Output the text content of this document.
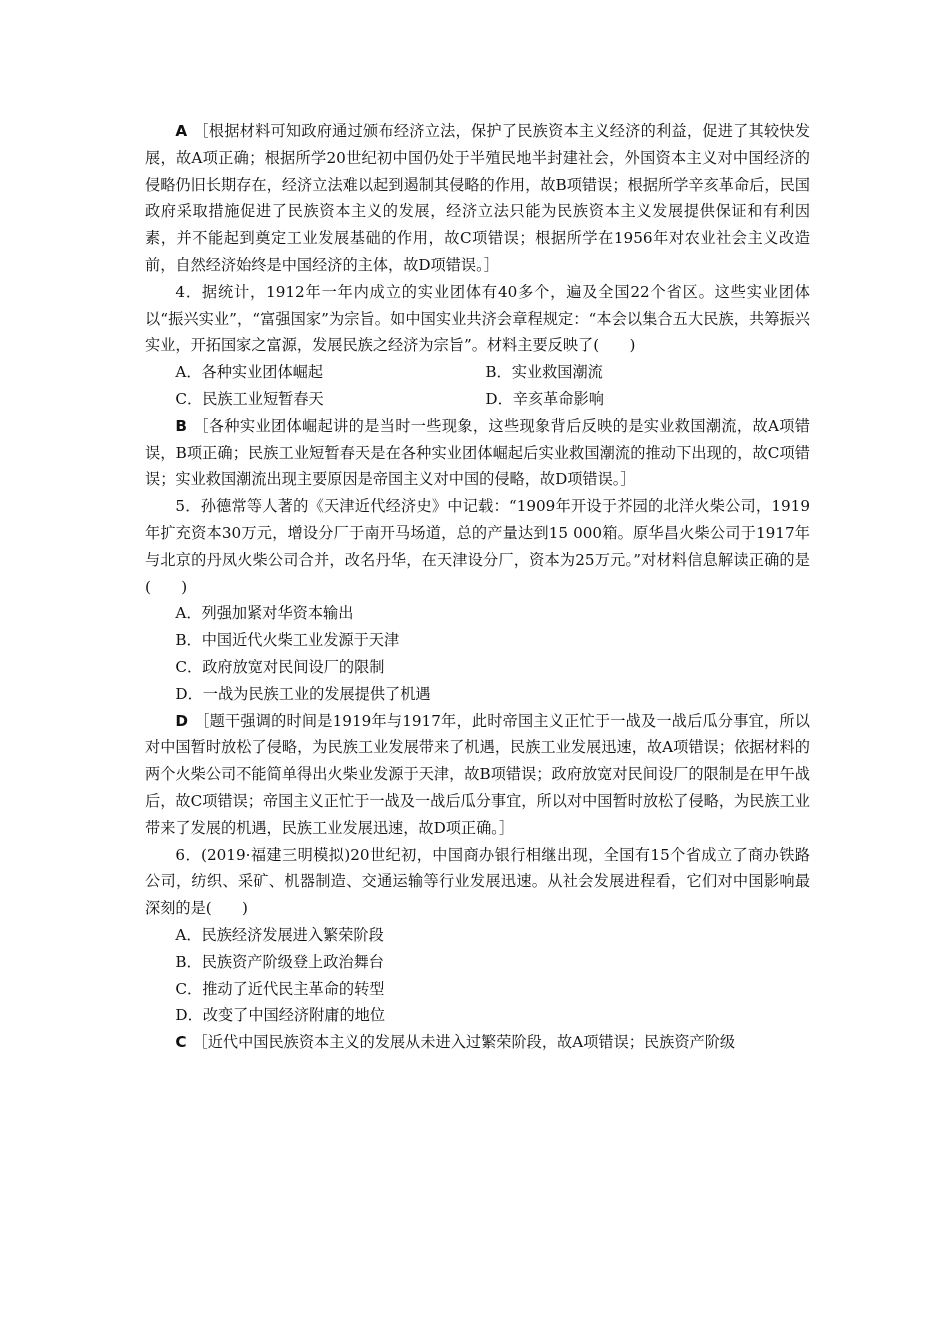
A ［根据材料可知政府通过颁布经济立法，保护了民族资本主义经济的利益，促进了其较快发展，故A项正确；根据所学20世纪初中国仍处于半殖民地半封建社会，外国资本主义对中国经济的侵略仍旧长期存在，经济立法难以起到遏制其侵略的作用，故B项错误；根据所学辛亥革命后，民国政府采取措施促进了民族资本主义的发展，经济立法只能为民族资本主义发展提供保证和有利因素，并不能起到奠定工业发展基础的作用，故C项错误；根据所学在1956年对农业社会主义改造前，自然经济始终是中国经济的主体，故D项错误。］

4．据统计，1912年一年内成立的实业团体有40多个，遍及全国22个省区。这些实业团体以“振兴实业”，“富强国家”为宗旨。如中国实业共济会章程规定：“本会以集合五大民族，共筹振兴实业，开拓国家之富源，发展民族之经济为宗旨”。材料主要反映了(　　)

A．各种实业团体崛起	B．实业救国潮流
C．民族工业短暂春天	D．辛亥革命影响

B ［各种实业团体崛起讲的是当时一些现象，这些现象背后反映的是实业救国潮流，故A项错误，B项正确；民族工业短暂春天是在各种实业团体崛起后实业救国潮流的推动下出现的，故C项错误；实业救国潮流出现主要原因是帝国主义对中国的侵略，故D项错误。］

5．孙德常等人著的《天津近代经济史》中记载：“1909年开设于芥园的北洋火柴公司，1919年扩充资本30万元，增设分厂于南开马场道，总的产量达到15 000箱。原华昌火柴公司于1917年与北京的丹凤火柴公司合并，改名丹华，在天津设分厂，资本为25万元。”对材料信息解读正确的是(　　)

A．列强加紧对华资本输出

B．中国近代火柴工业发源于天津

C．政府放宽对民间设厂的限制

D．一战为民族工业的发展提供了机遇

D ［题干强调的时间是1919年与1917年，此时帝国主义正忙于一战及一战后瓜分事宜，所以对中国暂时放松了侵略，为民族工业发展带来了机遇，民族工业发展迅速，故A项错误；依据材料的两个火柴公司不能简单得出火柴业发源于天津，故B项错误；政府放宽对民间设厂的限制是在甲午战后，故C项错误；帝国主义正忙于一战及一战后瓜分事宜，所以对中国暂时放松了侵略，为民族工业带来了发展的机遇，民族工业发展迅速，故D项正确。］

6．(2019·福建三明模拟)20世纪初，中国商办银行相继出现，全国有15个省成立了商办铁路公司，纺织、采矿、机器制造、交通运输等行业发展迅速。从社会发展进程看，它们对中国影响最深刻的是(　　)

A．民族经济发展进入繁荣阶段

B．民族资产阶级登上政治舞台

C．推动了近代民主革命的转型

D．改变了中国经济附庸的地位

C ［近代中国民族资本主义的发展从未进入过繁荣阶段，故A项错误；民族资产阶级
